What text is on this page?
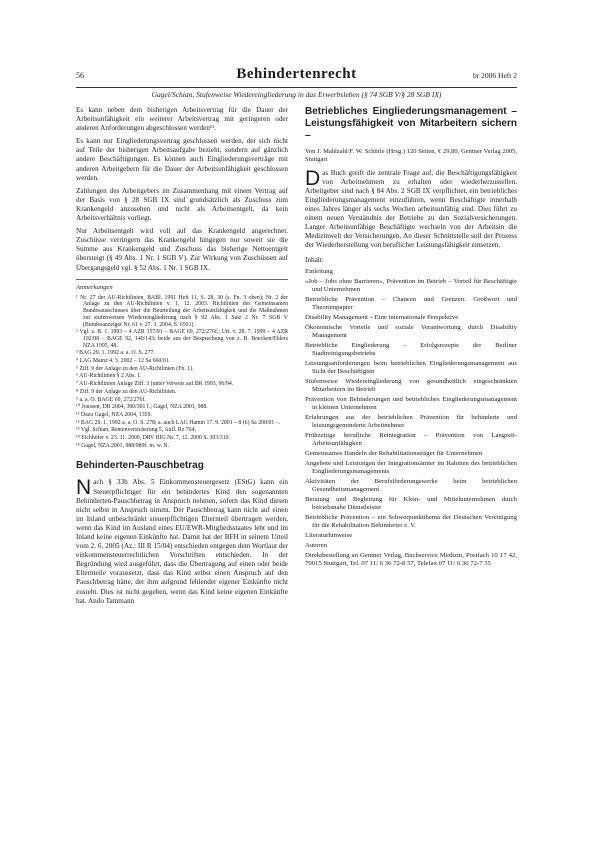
56	Behindertenrecht	br 2006 Heft 2
Gagel/Schian, Stufenweise Wiedereingliederung in das Erwerbsleben (§ 74 SGB V/§ 28 SGB IX)

Es kann neben dem bisherigen Arbeitsvertrag für die Dauer der Arbeitsunfähigkeit ein weiterer Arbeitsvertrag mit geringeren oder anderen Anforderungen abgeschlossen werden¹¹.

Es kann nur Eingliederungsvertrag geschlossen werden, der sich nicht auf Teile der bisherigen Arbeitsaufgabe bezieht, sondern auf gänzlich andere Beschäftigungen. Es können auch Eingliederungsverträge mit anderen Arbeitgebern für die Dauer der Arbeitsunfähigkeit geschlossen werden.

Zahlungen des Arbeitgebers im Zusammenhang mit einem Vertrag auf der Basis von § 28 SGB IX sind grundsätzlich als Zuschuss zum Krankengeld anzusehen und nicht als Arbeitsentgelt, da kein Arbeitsverhältnis vorliegt.

Nur Arbeitsentgelt wird voll auf das Krankengeld angerechnet. Zuschüsse verringern das Krankengeld hingegen nur soweit sie die Summe aus Krankengeld und Zuschuss das bisherige Nettoentgelt übersteigt (§ 49 Abs. 1 Nr. 1 SGB V). Zur Wirkung von Zuschüssen auf Übergangsgeld vgl. § 52 Abs. 1 Nr. 1 SGB IX.

Anmerkungen

¹ Nr. 27 der AU-Richtlinien, BABl. 1991 Heft 11, S. 28, 30 (s. Fn. 3 oben); Nr. 2 der Anlage zu den AU-Richtlinien v. 1. 12. 2003. Richtlinien des Gemeinsamen Bundesausschusses über die Beurteilung der Arbeitsunfähigkeit und die Maßnahmen zur stufenweisen Wiedereingliederung nach § 92 Abs. 1 Satz 2 Nr. 7 SGB V (Bundesanzeiger Nr. 61 v. 27. 3. 2004, S. 6501).

² Vgl. z. B. 1. 1993 – 4 AZR 157/91 – BAGE 69, 272/276f.; Urt. v. 28. 7. 1999 – 4 AZR 192/98 – BAGE 92, 140/143; beide aus der Besprechung von z. B. Boecken/Ehlers NZA 1995, 48.

³ BAG 29. 1. 1992 a. a. O. S. 277.

⁴ LAG Mainz 4. 3. 2002 – 12 Sa 660/01.

⁵ Ziff. 9 der Anlage zu den AU-Richtlinien (Fn. 1).

⁶ AU-Richtlinien § 2 Abs. 1.

⁷ AU-Richtlinien Anlage Ziff. 3 (unter Verweis auf BR 1993, 96/94.

⁸ Ziff. 9 der Anlage zu den AU-Richtlinien.

⁹ a. a. O. BAGE 69, 272/276f.

¹⁰ Joussen, DB 2004, 300/301 f.; Gagel, NZA 2001, 988.

¹¹ Dazu Gagel, NZA 2004, 1359.

¹² BAG 29. 1. 1992 a. a. O. S. 278; a. auch LAG Hamm 17. 9. 2001 – 8 (6) Sa 200/01 –.

¹³ Vgl. Schian, Rentenversicherung 5, Aufl. Rz 764.

¹⁴ Eichhöfer v. 23. 11. 2000, DRV BIG Nr. 7, 12. 2000 S. 303/310.

¹⁵ Gagel, NZA 2001, 988/989f. m. w. N.

Behinderten-Pauschbetrag

Nach § 33b Abs. 5 Einkommensteuergesetz (EStG) kann ein Steuerpflichtiger für ein behindertes Kind den sogenannten Behinderten-Pauschbetrag in Anspruch nehmen, sofern das Kind diesen nicht selbst in Anspruch nimmt. Der Pauschbetrag kann nicht auf einen im Inland unbeschränkt steuerpflichtigen Elternteil übertragen werden, wenn das Kind im Ausland eines EU/EWR-Mitgliedsstaates lebt und im Inland keine eigenen Einkünfte hat. Damit hat der BFH in seinem Urteil vom 2. 6. 2005 (Az.: III R 15/04) entschieden entgegen dem Wortlaut der einkommensteuerrechtlichen Vorschriften entschieden. In der Begründung wird ausgeführt, dass die Übertragung auf einen oder beide Elternteile voraussetzt, dass das Kind selbst einen Anspruch auf den Pauschbetrag hätte, der ihm aufgrund fehlender eigener Einkünfte nicht zusteht. Dies ist nicht gegeben, wenn das Kind keine eigenen Einkünfte hat. Ando Tammann

Betriebliches Eingliederungsmanagement – Leistungsfähigkeit von Mitarbeitern sichern –

Von J. Mahlzahl/F. W. Schürle (Hrsg.) 120 Seiten, € 29,80, Gentner Verlag 2005, Stuttgart

Das Buch greift die zentrale Frage auf, die Beschäftigungsfähigkeit von Arbeitnehmern zu erhalten oder wiederherzustellen. Arbeitgeber sind nach § 84 Abs. 2 SGB IX verpflichtet, ein betriebliches Eingliederungsmanagement einzuführen, wenn Beschäftigte innerhalb eines Jahres länger als sechs Wochen arbeitsunfähig sind. Dies führt zu einem neuen Verständnis der Betriebe zu den Sozialversicherungen. Langer Arbeitsunfähige Beschäftigte wechseln von der Arbeitsin die Medizinwelt der Versicherungen. An dieser Schnittstelle soll der Prozess der Wiederherstellung von beruflicher Leistungsfähigkeit einsetzen.

Inhalt:

Einleitung

»Job – Jobs ohne Barrieren«, Prävention im Betrieb – Vorteil für Beschäftigte und Unternehmen

Betriebliche Prävention – Chancen und Grenzen. Großwort und Theorienpapier

Disability Management – Eine internationale Perspektive

Ökonomische Vorteile und soziale Verantwortung durch Disability Management

Betriebliche Eingliederung – Erfolgsrezepte der Berliner Stadtreinigungsbetriebe

Leistungsanforderungen beim betrieblichen Eingliederungsmanagement aus Sicht der Beschäftigten

Stufenweise Wiedereingliederung von gesundheitlich eingeschränkten Mitarbeitern im Betrieb

Prävention von Behinderungen und betriebliches Eingliederungsmanagement in kleinen Unternehmen

Erfahrungen aus der betrieblichen Prävention für behinderte und leistungsgeminderte Arbeitnehmer

Frühzeitige berufliche Reintegration – Prävention von Langzeit-Arbeitsunfähigkeit

Gemeinsames Handeln der Rehabilitationsträger für Unternehmen

Angebote und Leistungen der Integrationsämter im Rahmen des betrieblichen Eingliederungsmanagements

Aktivitäten der Berufsförderungswerke beim betrieblichen Gesundheitsmanagement

Beratung und Begleitung für Klein- und Mittelunternehmen durch betriebsnahe Dienstleister

Betriebliche Prävention – ein Schwerpunktthema der Deutschen Vereinigung für die Rehabilitation Behinderter e. V.

Literaturhinweise

Autoren

Direktbestellung an Gentner Verlag, Buchservice Medizin, Postfach 10 17 42, 70015 Stuttgart, Tel. 07 11/ 6 36 72-8 57, Telefax 07 11/ 6 36 72-7 35
